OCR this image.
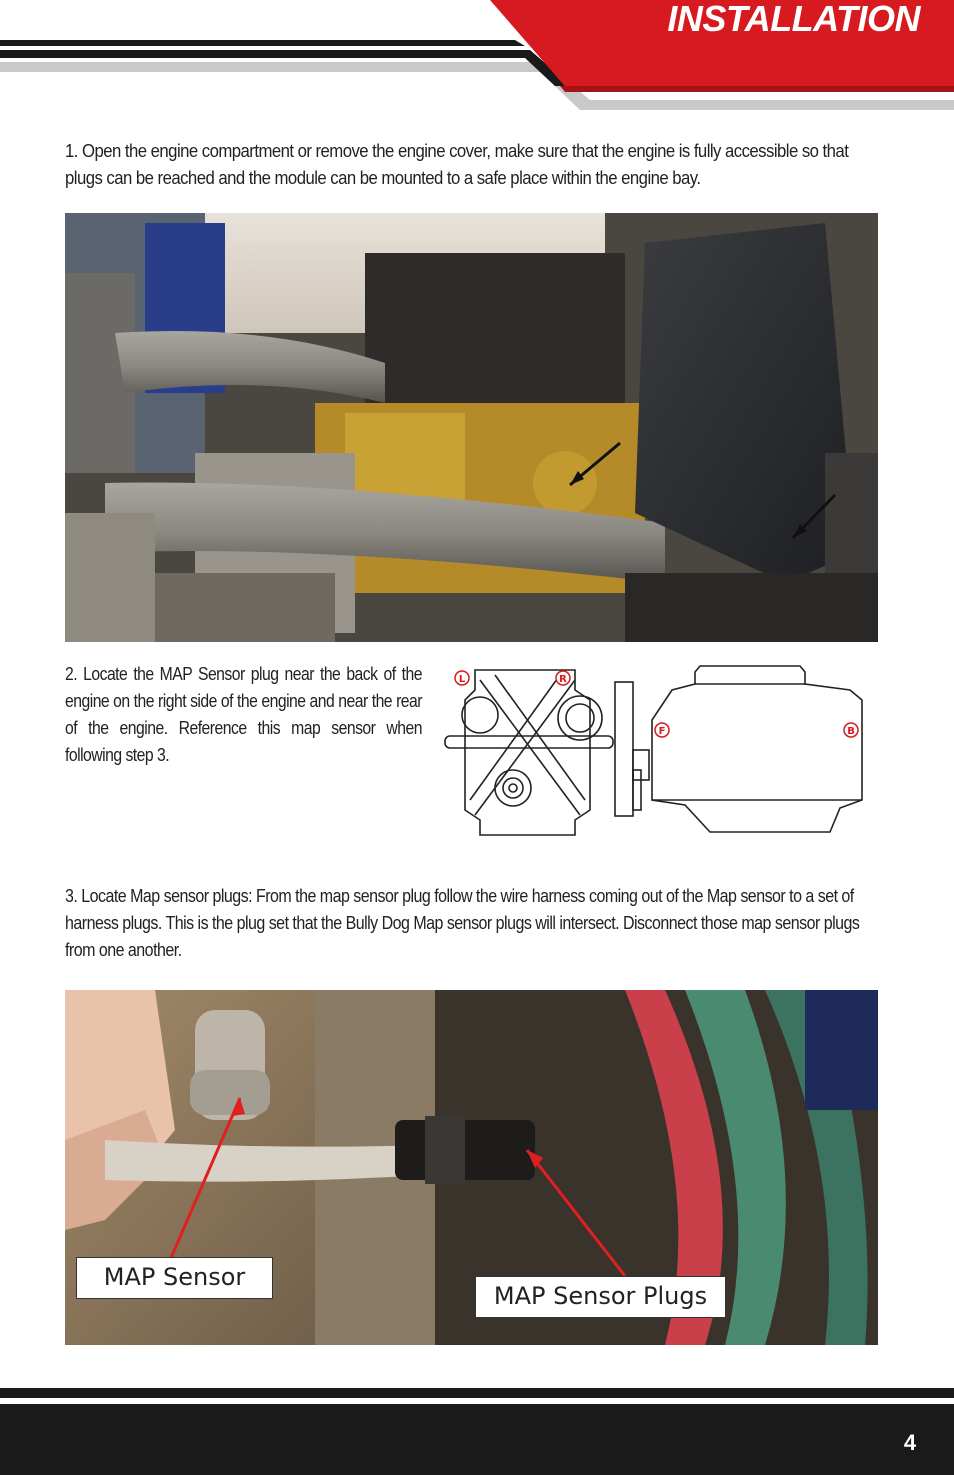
INSTALLATION
1. Open the engine compartment or remove the engine cover, make sure that the engine is fully accessible so that plugs can be reached and the module can be mounted to a safe place within the engine bay.
2. Locate the MAP Sensor plug near the back of the engine on the right side of the engine and near the rear of the engine. Reference this map sensor when following step 3.
L	R
F	B
3. Locate Map sensor plugs: From the map sensor plug follow the wire harness coming out of the Map sensor to a set of harness plugs. This is the plug set that the Bully Dog Map sensor plugs will intersect. Disconnect those map sensor plugs from one another.
MAP Sensor
MAP Sensor Plugs
4
